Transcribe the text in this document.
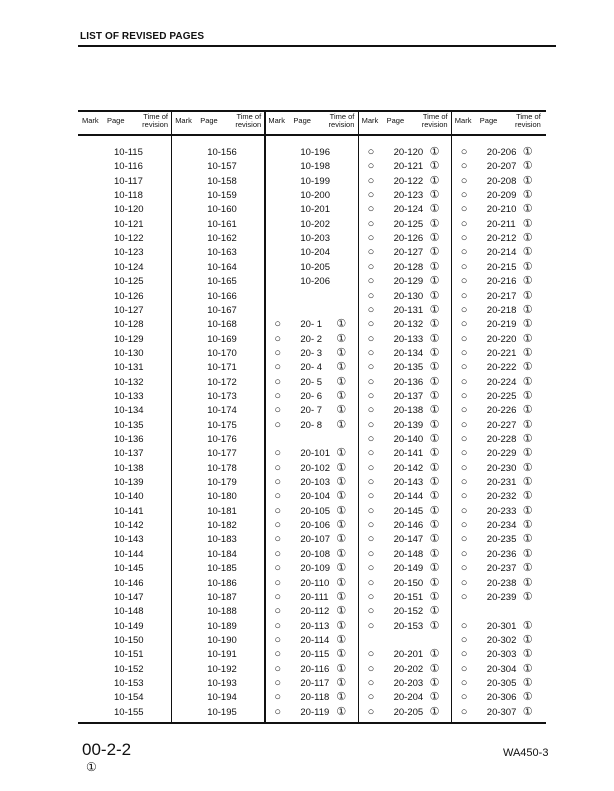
LIST OF REVISED PAGES
Mark Page	Time of
revision
10-115
10-116
10-117
10-118
10-120
10-121
10-122
10-123
10-124
10-125
10-126
10-127
10-128
10-129
10-130
10-131
10-132
10-133
10-134
10-135
10-136
10-137
10-138
10-139
10-140
10-141
10-142
10-143
10-144
10-145
10-146
10-147
10-148
10-149
10-150
10-151
10-152
10-153
10-154
10-155
Mark Page	Time of
revision
10-156
10-157
10-158
10-159
10-160
10-161
10-162
10-163
10-164
10-165
10-166
10-167
10-168
10-169
10-170
10-171
10-172
10-173
10-174
10-175
10-176
10-177
10-178
10-179
10-180
10-181
10-182
10-183
10-184
10-185
10-186
10-187
10-188
10-189
10-190
10-191
10-192
10-193
10-194
10-195
Mark Page	Time of
revision
10-196
10-198
10-199
10-200
10-201
10-202
10-203
10-204
10-205
10-206
○ 20- 1 ①
○ 20- 2 ①
○ 20- 3 ①
○ 20- 4 ①
○ 20- 5 ①
○ 20- 6 ①
○ 20- 7 ①
○ 20- 8 ①
○ 20-101 ①
○ 20-102 ①
○ 20-103 ①
○ 20-104 ①
○ 20-105 ①
○ 20-106 ①
○ 20-107 ①
○ 20-108 ①
○ 20-109 ①
○ 20-110 ①
○ 20-111 ①
○ 20-112 ①
○ 20-113 ①
○ 20-114 ①
○ 20-115 ①
○ 20-116 ①
○ 20-117 ①
○ 20-118 ①
○ 20-119 ①
Mark Page	Time of
revision
○ 20-120 ①
○ 20-121 ①
○ 20-122 ①
○ 20-123 ①
○ 20-124 ①
○ 20-125 ①
○ 20-126 ①
○ 20-127 ①
○ 20-128 ①
○ 20-129 ①
○ 20-130 ①
○ 20-131 ①
○ 20-132 ①
○ 20-133 ①
○ 20-134 ①
○ 20-135 ①
○ 20-136 ①
○ 20-137 ①
○ 20-138 ①
○ 20-139 ①
○ 20-140 ①
○ 20-141 ①
○ 20-142 ①
○ 20-143 ①
○ 20-144 ①
○ 20-145 ①
○ 20-146 ①
○ 20-147 ①
○ 20-148 ①
○ 20-149 ①
○ 20-150 ①
○ 20-151 ①
○ 20-152 ①
○ 20-153 ①
○ 20-201 ①
○ 20-202 ①
○ 20-203 ①
○ 20-204 ①
○ 20-205 ①
Mark Page	Time of
revision
○ 20-206 ①
○ 20-207 ①
○ 20-208 ①
○ 20-209 ①
○ 20-210 ①
○ 20-211 ①
○ 20-212 ①
○ 20-214 ①
○ 20-215 ①
○ 20-216 ①
○ 20-217 ①
○ 20-218 ①
○ 20-219 ①
○ 20-220 ①
○ 20-221 ①
○ 20-222 ①
○ 20-224 ①
○ 20-225 ①
○ 20-226 ①
○ 20-227 ①
○ 20-228 ①
○ 20-229 ①
○ 20-230 ①
○ 20-231 ①
○ 20-232 ①
○ 20-233 ①
○ 20-234 ①
○ 20-235 ①
○ 20-236 ①
○ 20-237 ①
○ 20-238 ①
○ 20-239 ①
○ 20-301 ①
○ 20-302 ①
○ 20-303 ①
○ 20-304 ①
○ 20-305 ①
○ 20-306 ①
○ 20-307 ①
00-2-2
①
WA450-3
